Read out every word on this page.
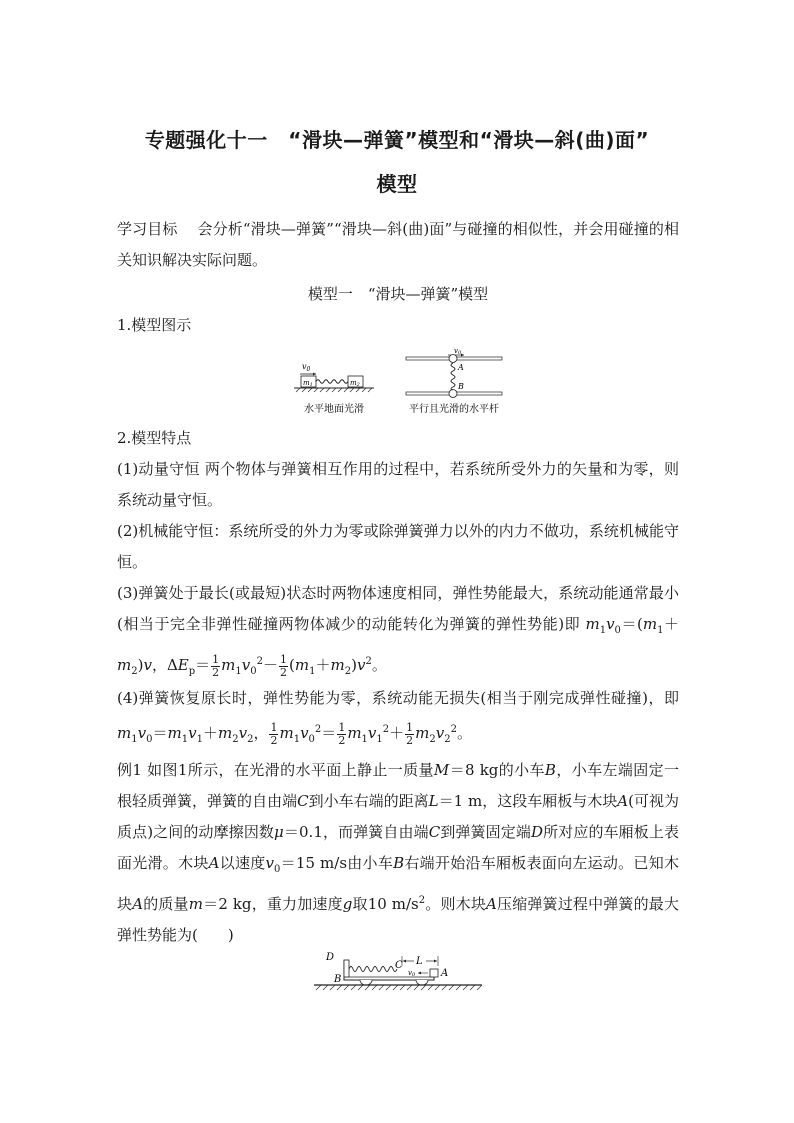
专题强化十一　“滑块—弹簧”模型和“滑块—斜(曲)面”
模型
学习目标　 会分析“滑块—弹簧”“滑块—斜(曲)面”与碰撞的相似性，并会用碰撞的相关知识解决实际问题。
模型一　“滑块—弹簧”模型
1.模型图示
$v_0$
m1	m2
水平地面光滑
v0
A
B
平行且光滑的水平杆
2.模型特点
(1)动量守恒 两个物体与弹簧相互作用的过程中，若系统所受外力的矢量和为零，则系统动量守恒。
(2)机械能守恒：系统所受的外力为零或除弹簧弹力以外的内力不做功，系统机械能守恒。
(3)弹簧处于最长(或最短)状态时两物体速度相同，弹性势能最大，系统动能通常最小(相当于完全非弹性碰撞两物体减少的动能转化为弹簧的弹性势能)即 $m_1v_0=(m_1+m_2)v$，$\Delta E_p= \frac{1}{2} m_1v_0^2- \frac{1}{2} (m_1+m_2)v^2$。
(4)弹簧恢复原长时，弹性势能为零，系统动能无损失(相当于刚完成弹性碰撞)，即$m_1v_0=m_1v_1+m_2v_2$， $\frac{1}{2} m_1v_0^2= \frac{1}{2} m_1v_1^2+ \frac{1}{2} m_2v_2^2$。
例1 如图1所示，在光滑的水平面上静止一质量M＝8 kg的小车B，小车左端固定一根轻质弹簧，弹簧的自由端C到小车右端的距离L＝1 m，这段车厢板与木块A(可视为质点)之间的动摩擦因数μ＝0.1，而弹簧自由端C到弹簧固定端D所对应的车厢板上表面光滑。木块A以速度$v_0=15$ m/s由小车B右端开始沿车厢板表面向左运动。已知木块A的质量m＝2 kg，重力加速度g取10 $m/s^2$。则木块A压缩弹簧过程中弹簧的最大弹性势能为(　　)
D
C
B
L
v0	A
